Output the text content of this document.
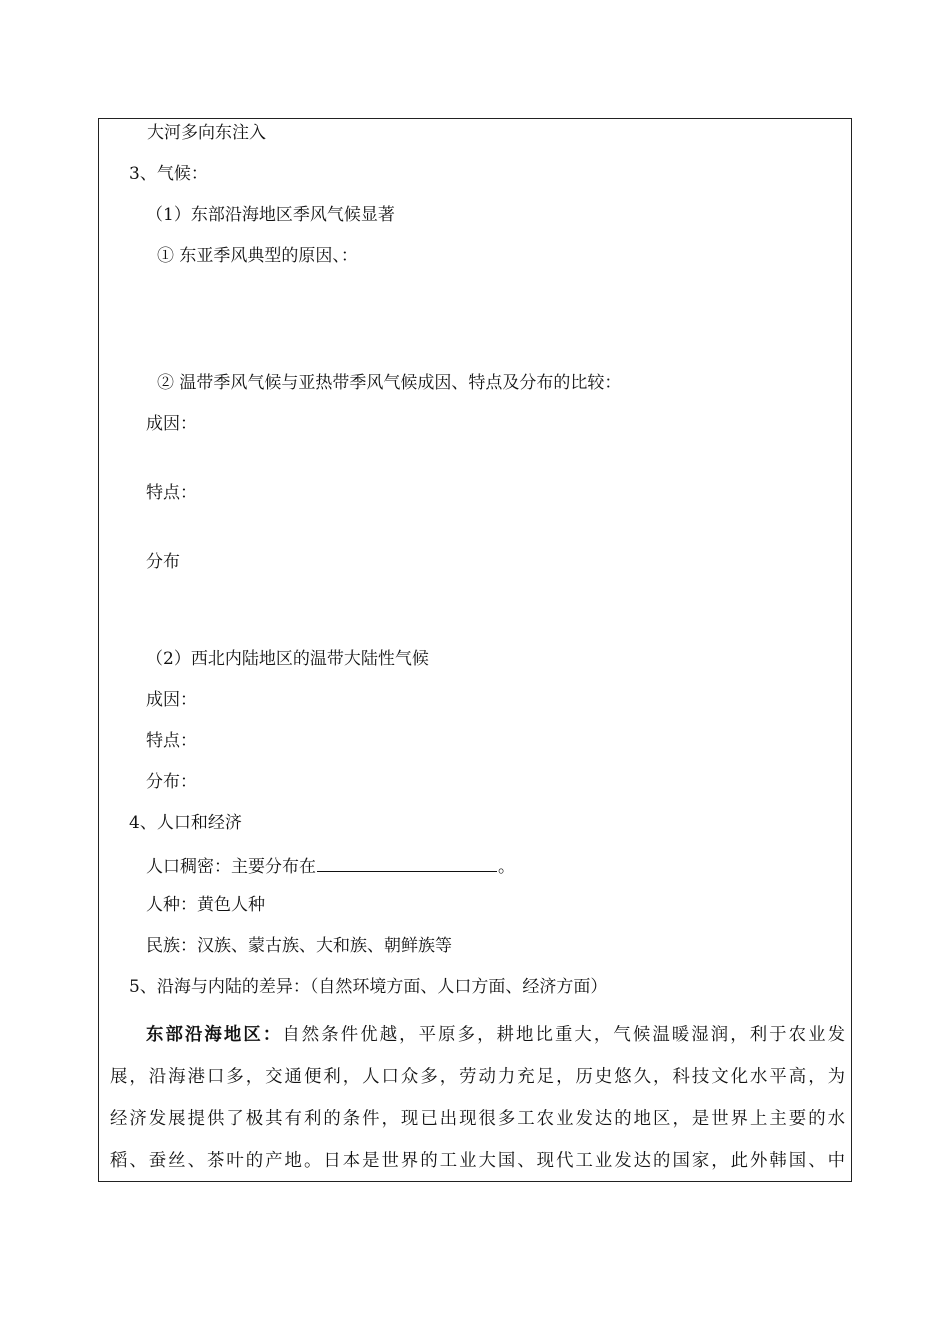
大河多向东注入
3、气候：
（1）东部沿海地区季风气候显著
① 东亚季风典型的原因、：
② 温带季风气候与亚热带季风气候成因、特点及分布的比较：
成因：
特点：
分布
（2）西北内陆地区的温带大陆性气候
成因：
特点：
分布：
4、人口和经济
人口稠密：主要分布在	。
人种：黄色人种
民族：汉族、蒙古族、大和族、朝鲜族等
5、沿海与内陆的差异：（自然环境方面、人口方面、经济方面）
东部沿海地区：自然条件优越，平原多，耕地比重大，气候温暖湿润，利于农业发
展，沿海港口多，交通便利，人口众多，劳动力充足，历史悠久，科技文化水平高，为
经济发展提供了极其有利的条件，现已出现很多工农业发达的地区，是世界上主要的水
稻、蚕丝、茶叶的产地。日本是世界的工业大国、现代工业发达的国家，此外韩国、中
